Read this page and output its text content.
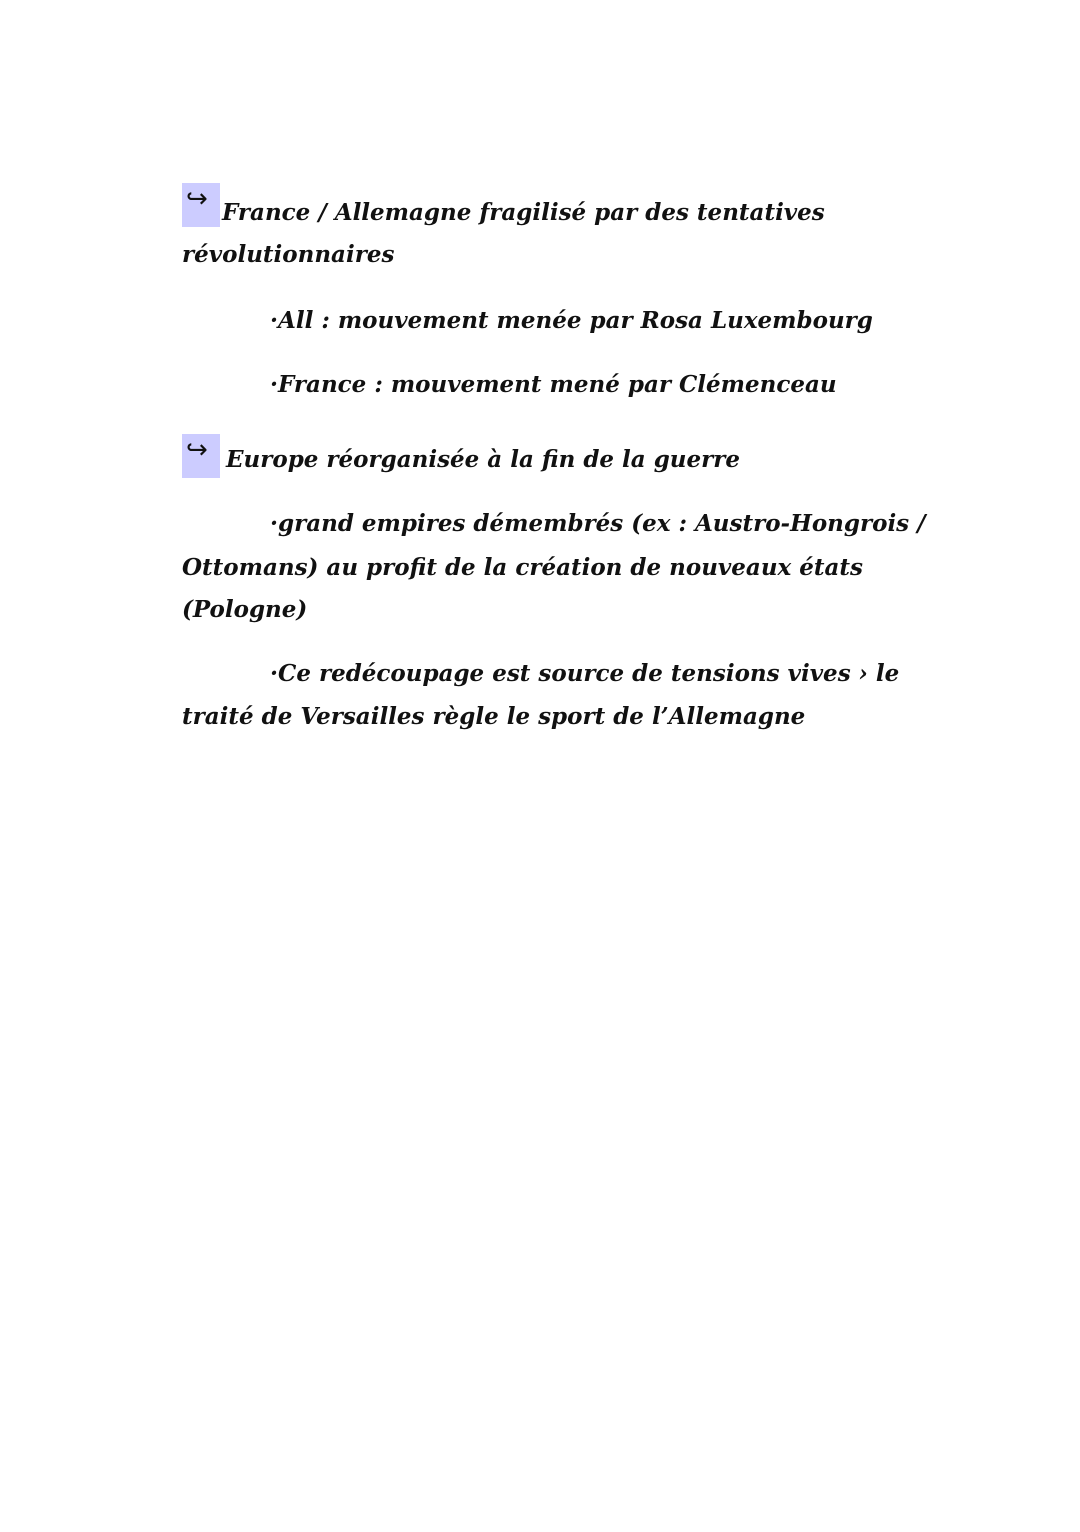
↪ France / Allemagne fragilisé par des tentatives

révolutionnaires

·All : mouvement menée par Rosa Luxembourg

·France : mouvement mené par Clémenceau

↪ Europe réorganisée à la fin de la guerre

·grand empires démembrés (ex : Austro-Hongrois /

Ottomans) au profit de la création de nouveaux états

(Pologne)

·Ce redécoupage est source de tensions vives › le

traité de Versailles règle le sport de l’Allemagne
